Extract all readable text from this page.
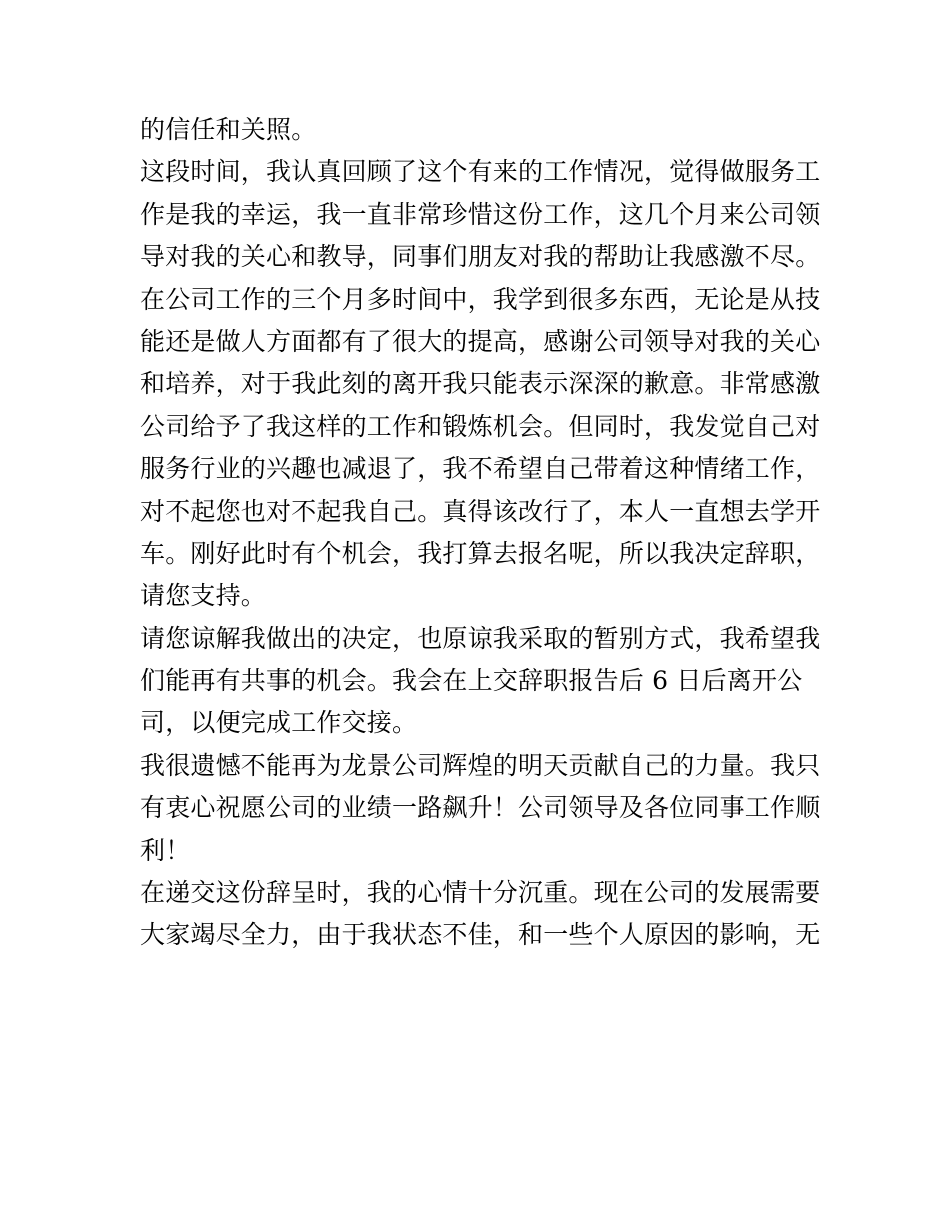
的信任和关照。
这段时间，我认真回顾了这个有来的工作情况，觉得做服务工
作是我的幸运，我一直非常珍惜这份工作，这几个月来公司领
导对我的关心和教导，同事们朋友对我的帮助让我感激不尽。
在公司工作的三个月多时间中，我学到很多东西，无论是从技
能还是做人方面都有了很大的提高，感谢公司领导对我的关心
和培养，对于我此刻的离开我只能表示深深的歉意。非常感激
公司给予了我这样的工作和锻炼机会。但同时，我发觉自己对
服务行业的兴趣也减退了，我不希望自己带着这种情绪工作，
对不起您也对不起我自己。真得该改行了，本人一直想去学开
车。刚好此时有个机会，我打算去报名呢，所以我决定辞职，
请您支持。
请您谅解我做出的决定，也原谅我采取的暂别方式，我希望我
们能再有共事的机会。我会在上交辞职报告后 6 日后离开公
司，以便完成工作交接。
我很遗憾不能再为龙景公司辉煌的明天贡献自己的力量。我只
有衷心祝愿公司的业绩一路飙升！公司领导及各位同事工作顺
利！
在递交这份辞呈时，我的心情十分沉重。现在公司的发展需要
大家竭尽全力，由于我状态不佳，和一些个人原因的影响，无
